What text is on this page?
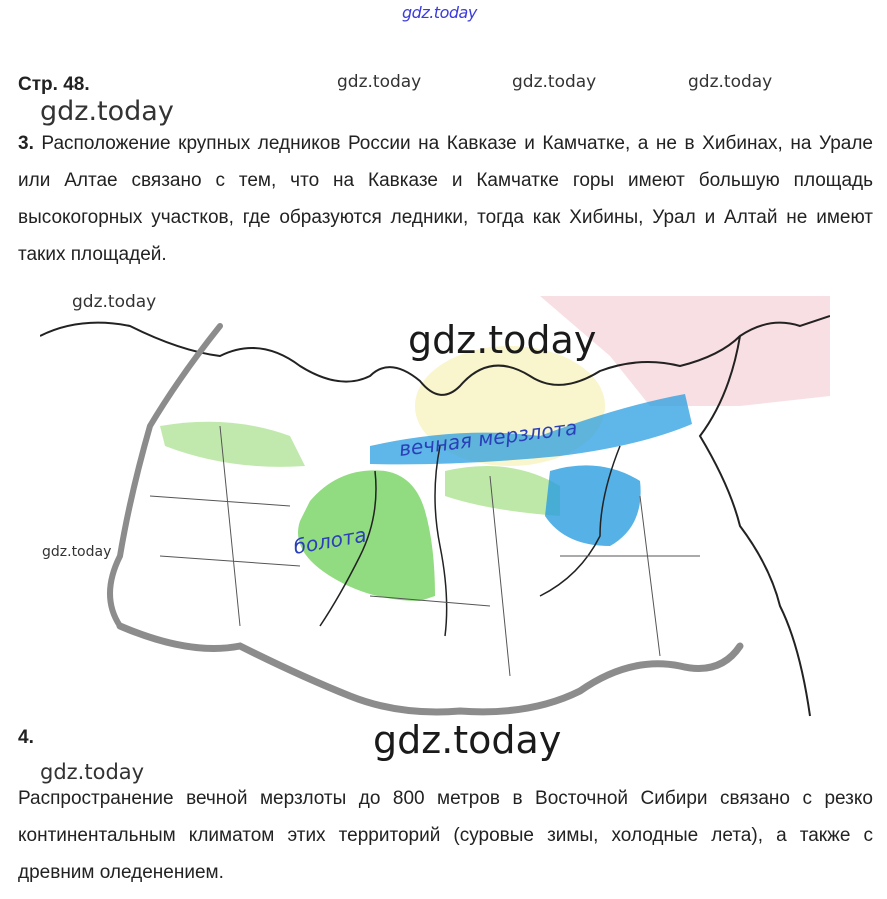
gdz.today
Стр. 48.	gdz.today	gdz.today	gdz.today
gdz.today

3. Расположение крупных ледников России на Кавказе и Камчатке, а не в Хибинах, на Урале или Алтае связано с тем, что на Кавказе и Камчатке горы имеют большую площадь высокогорных участков, где образуются ледники, тогда как Хибины, Урал и Алтай не имеют таких площадей.

вечная мерзлота
болота
gdz.today
gdz.today
gdz.today
4.	gdz.today
gdz.today

Распространение вечной мерзлоты до 800 метров в Восточной Сибири связано с резко континентальным климатом этих территорий (суровые зимы, холодные лета), а также с древним оледенением.
